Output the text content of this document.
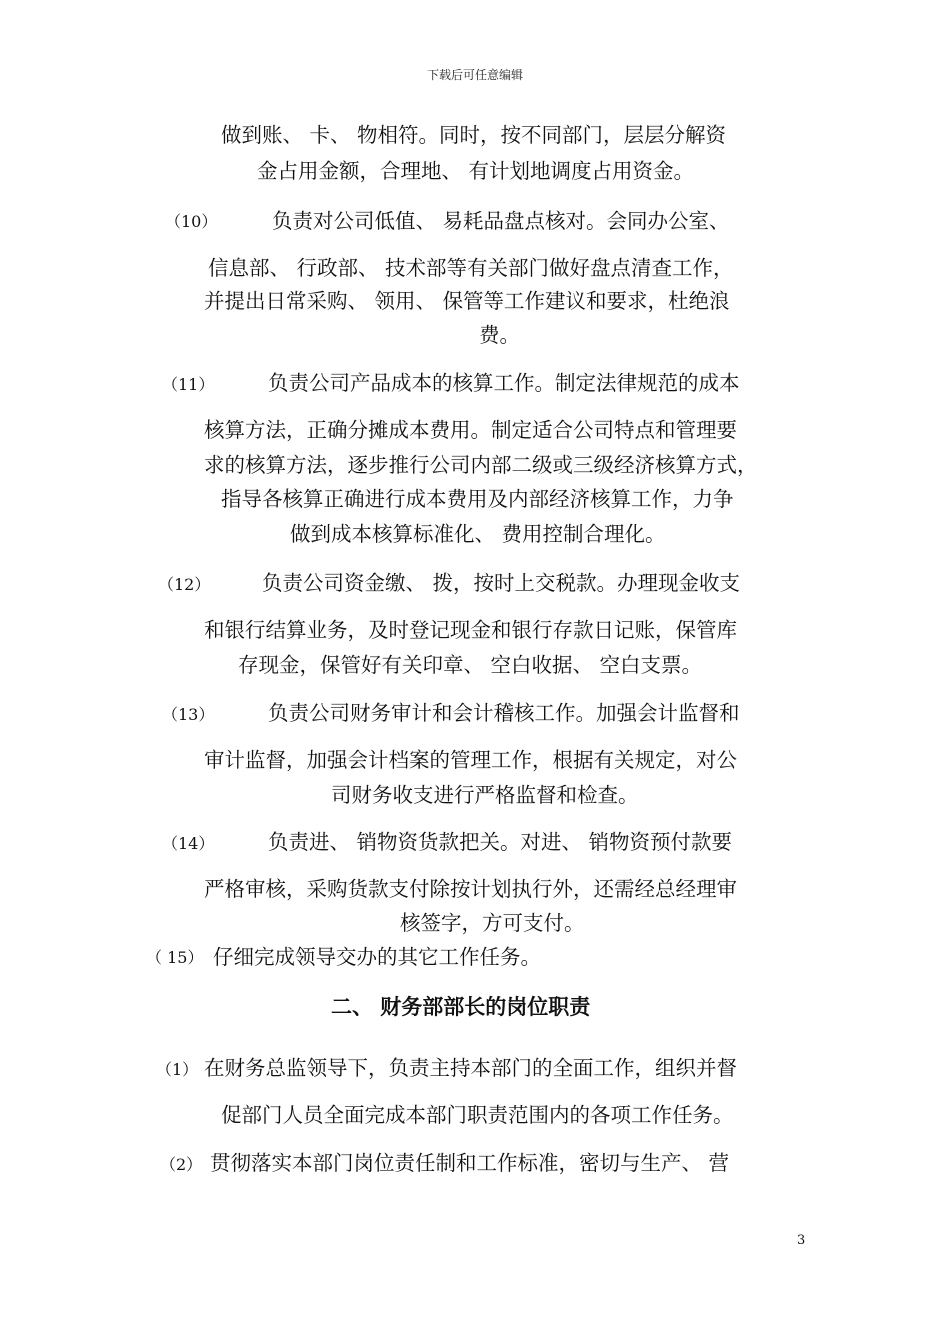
下载后可任意编辑
做到账、 卡、 物相符。同时，按不同部门，层层分解资
金占用金额，合理地、 有计划地调度占用资金。
（10）	负责对公司低值、 易耗品盘点核对。会同办公室、
信息部、 行政部、 技术部等有关部门做好盘点清查工作，
并提出日常采购、 领用、 保管等工作建议和要求，杜绝浪
费。
（11）	负责公司产品成本的核算工作。制定法律规范的成本
核算方法，正确分摊成本费用。制定适合公司特点和管理要
求的核算方法，逐步推行公司内部二级或三级经济核算方式，
指导各核算正确进行成本费用及内部经济核算工作，力争
做到成本核算标准化、 费用控制合理化。
（12）	负责公司资金缴、 拨，按时上交税款。办理现金收支
和银行结算业务，及时登记现金和银行存款日记账，保管库
存现金，保管好有关印章、 空白收据、 空白支票。
（13）	负责公司财务审计和会计稽核工作。加强会计监督和
审计监督，加强会计档案的管理工作，根据有关规定，对公
司财务收支进行严格监督和检查。
（14）	负责进、 销物资货款把关。对进、 销物资预付款要
严格审核，采购货款支付除按计划执行外，还需经总经理审
核签字，方可支付。
（ 15） 仔细完成领导交办的其它工作任务。
二、 财务部部长的岗位职责
（1） 在财务总监领导下，负责主持本部门的全面工作，组织并督
促部门人员全面完成本部门职责范围内的各项工作任务。
（2） 贯彻落实本部门岗位责任制和工作标准，密切与生产、 营
3
